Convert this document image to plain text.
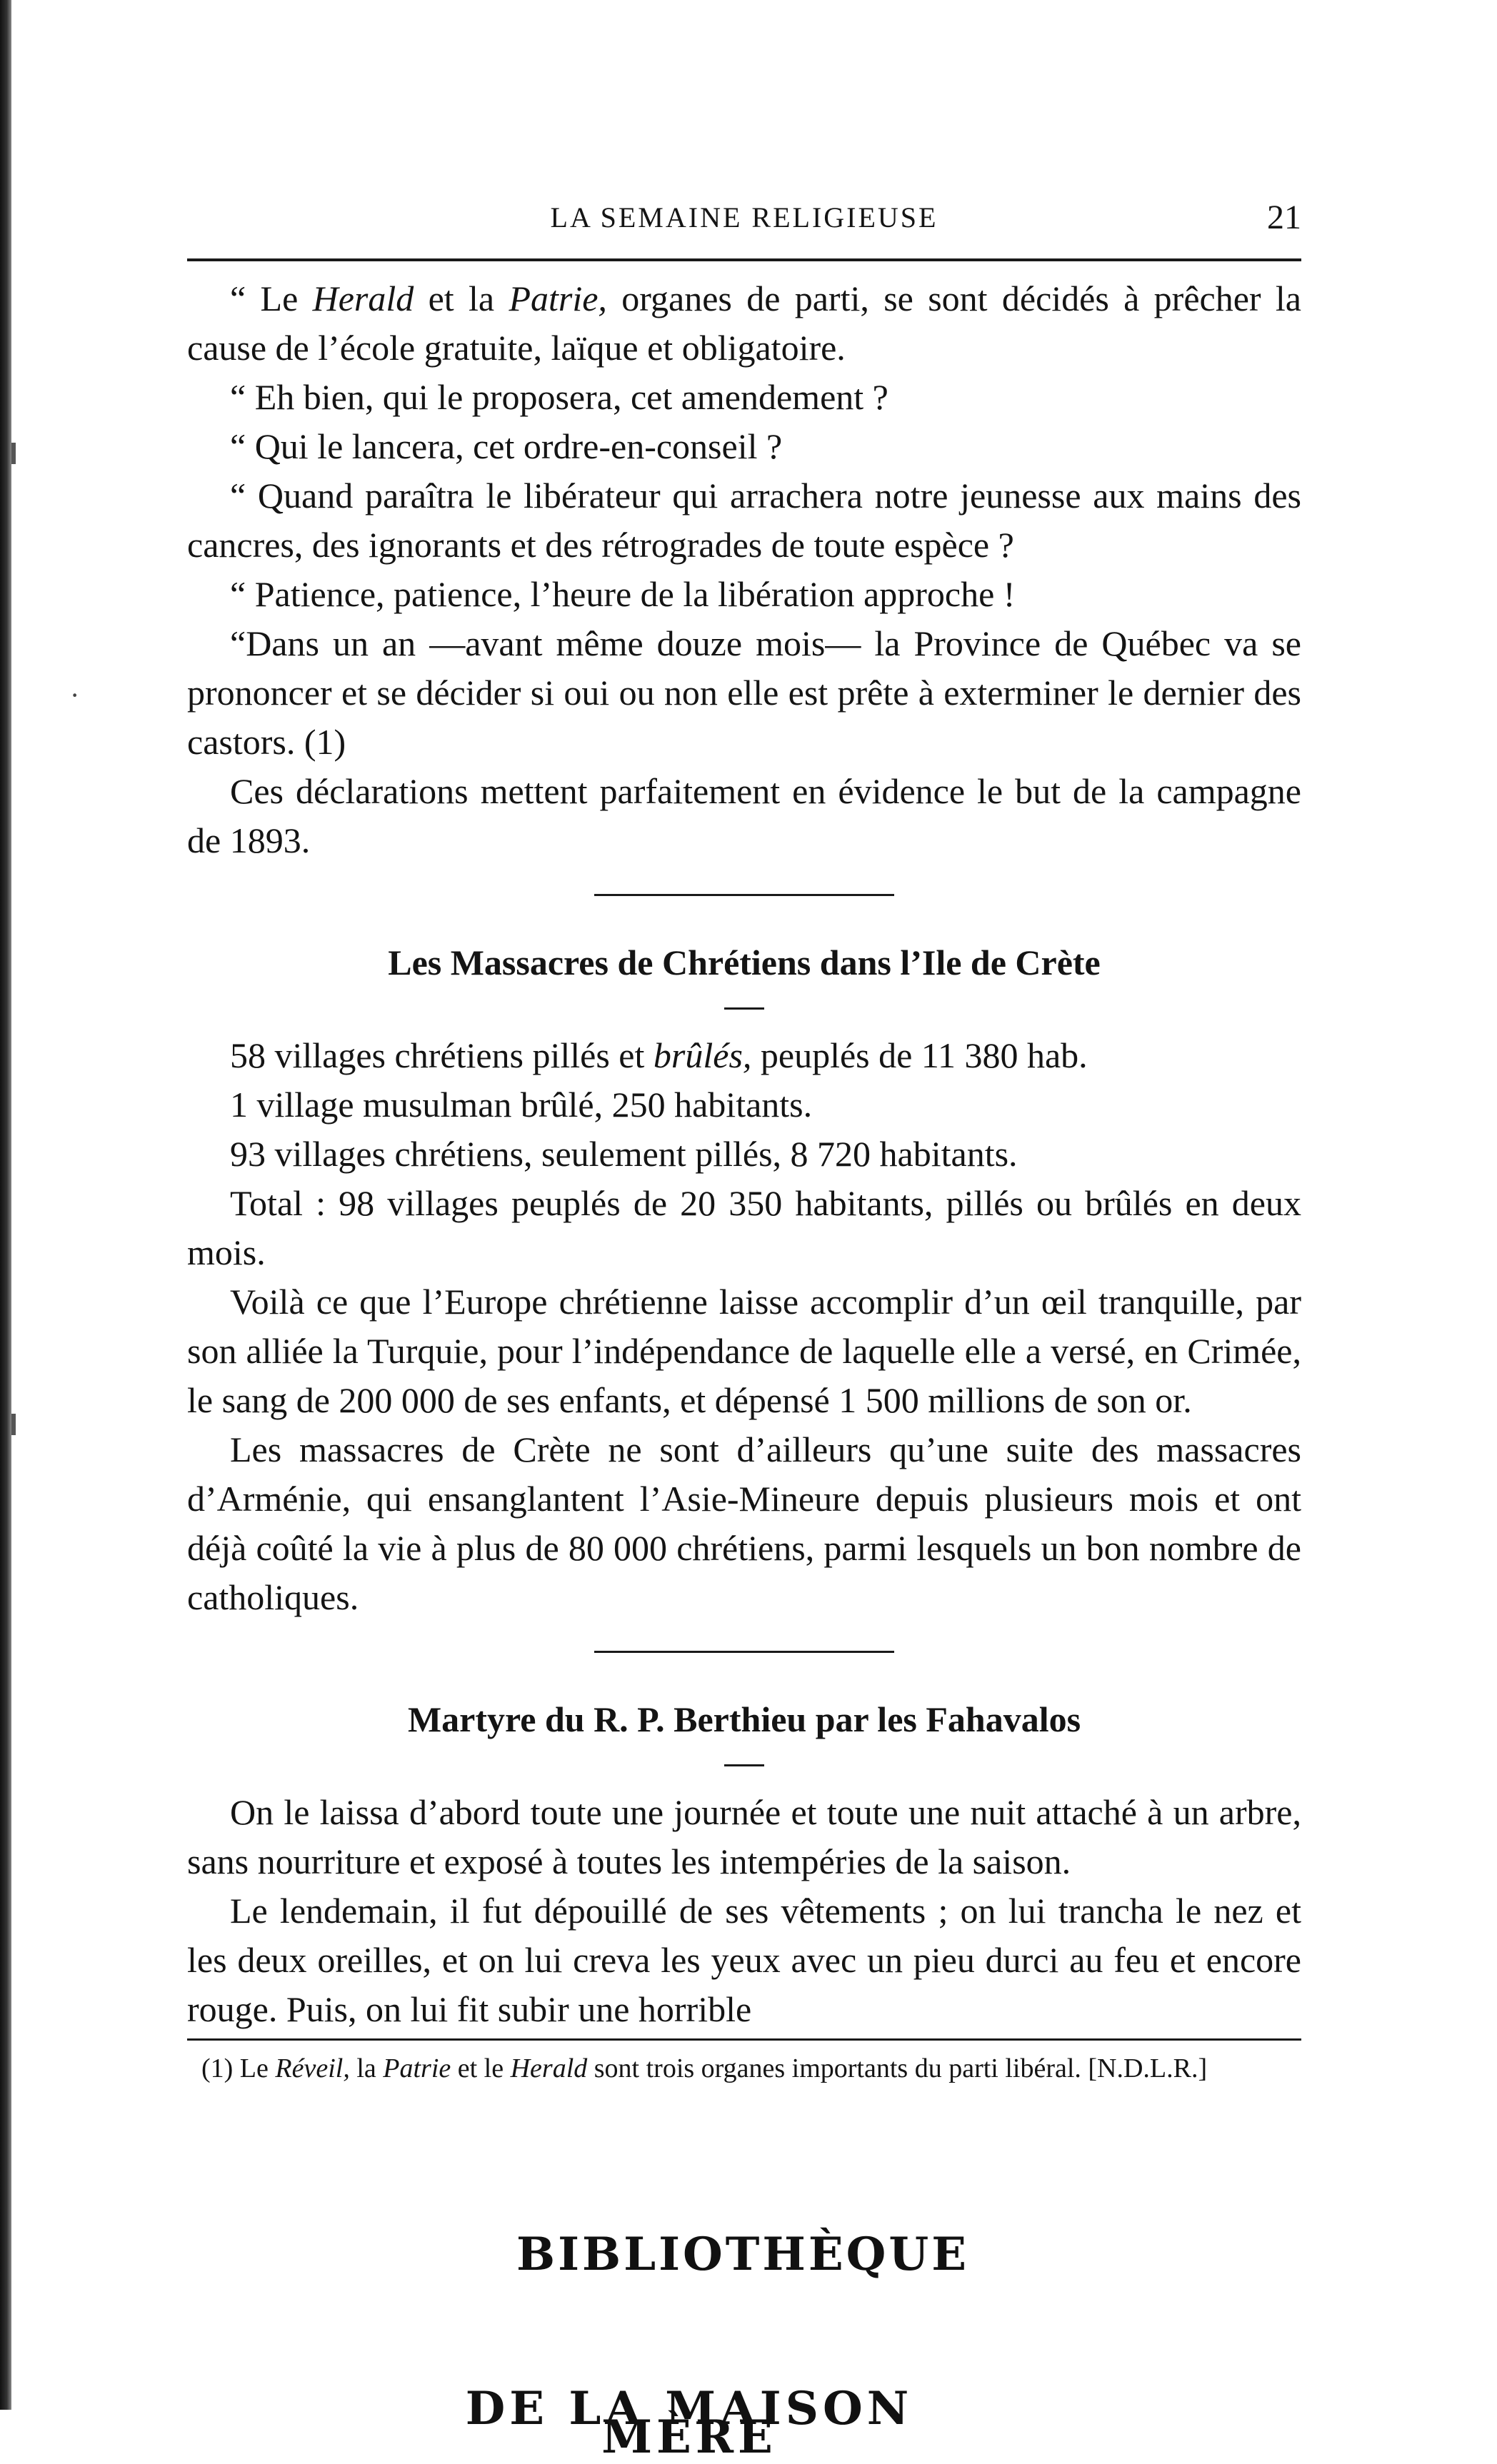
·
LA SEMAINE RELIGIEUSE	21

“ Le Herald et la Patrie, organes de parti, se sont décidés à prêcher la cause de l’école gratuite, laïque et obligatoire.

“ Eh bien, qui le proposera, cet amendement ?

“ Qui le lancera, cet ordre-en-conseil ?

“ Quand paraîtra le libérateur qui arrachera notre jeunesse aux mains des cancres, des ignorants et des rétrogrades de toute espèce ?

“ Patience, patience, l’heure de la libération approche !

“Dans un an —avant même douze mois— la Province de Québec va se prononcer et se décider si oui ou non elle est prête à exterminer le dernier des castors. (1)

Ces déclarations mettent parfaitement en évidence le but de la campagne de 1893.

Les Massacres de Chrétiens dans l’Ile de Crète

58 villages chrétiens pillés et brûlés, peuplés de 11 380 hab.

1 village musulman brûlé, 250 habitants.

93 villages chrétiens, seulement pillés, 8 720 habitants.

Total : 98 villages peuplés de 20 350 habitants, pillés ou brûlés en deux mois.

Voilà ce que l’Europe chrétienne laisse accomplir d’un œil tranquille, par son alliée la Turquie, pour l’indépendance de laquelle elle a versé, en Crimée, le sang de 200 000 de ses enfants, et dépensé 1 500 millions de son or.

Les massacres de Crète ne sont d’ailleurs qu’une suite des massacres d’Arménie, qui ensanglantent l’Asie-Mineure depuis plusieurs mois et ont déjà coûté la vie à plus de 80 000 chrétiens, parmi lesquels un bon nombre de catholiques.

Martyre du R. P. Berthieu par les Fahavalos

On le laissa d’abord toute une journée et toute une nuit attaché à un arbre, sans nourriture et exposé à toutes les intempéries de la saison.

Le lendemain, il fut dépouillé de ses vêtements ; on lui trancha le nez et les deux oreilles, et on lui creva les yeux avec un pieu durci au feu et encore rouge. Puis, on lui fit subir une horrible

(1) Le Réveil, la Patrie et le Herald sont trois organes importants du parti libéral. [N.D.L.R.]

BIBLIOTHÈQUE
DE LA MAISON MÈRE
